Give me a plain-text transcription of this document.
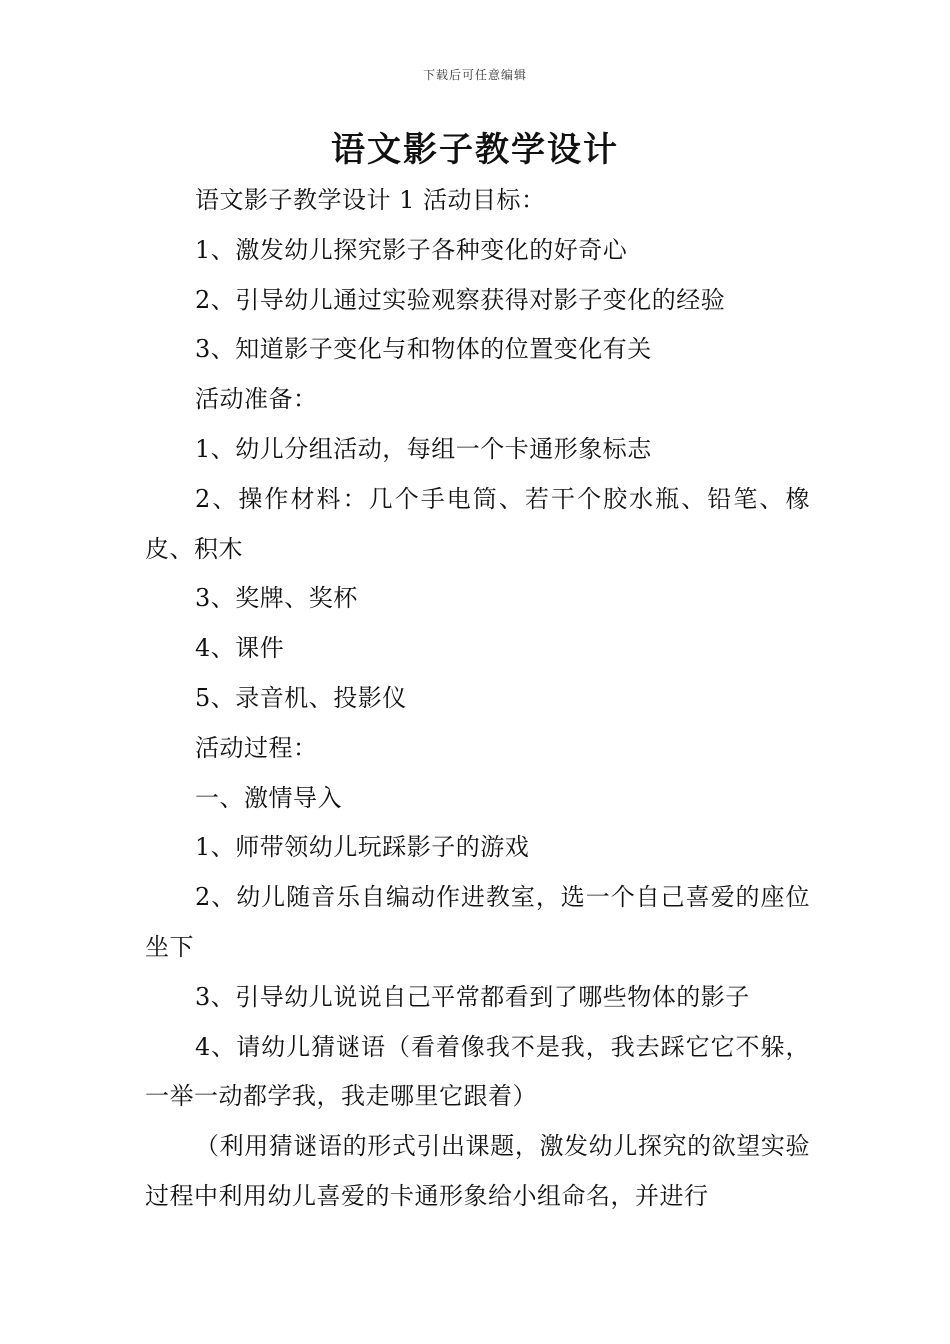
下载后可任意编辑
语文影子教学设计

语文影子教学设计 1 活动目标：

1、激发幼儿探究影子各种变化的好奇心

2、引导幼儿通过实验观察获得对影子变化的经验

3、知道影子变化与和物体的位置变化有关

活动准备：

1、幼儿分组活动，每组一个卡通形象标志

2、操作材料：几个手电筒、若干个胶水瓶、铅笔、橡皮、积木

3、奖牌、奖杯

4、课件

5、录音机、投影仪

活动过程：

一、激情导入

1、师带领幼儿玩踩影子的游戏

2、幼儿随音乐自编动作进教室，选一个自己喜爱的座位坐下

3、引导幼儿说说自己平常都看到了哪些物体的影子

4、请幼儿猜谜语（看着像我不是我，我去踩它它不躲，一举一动都学我，我走哪里它跟着）

（利用猜谜语的形式引出课题，激发幼儿探究的欲望实验过程中利用幼儿喜爱的卡通形象给小组命名，并进行
